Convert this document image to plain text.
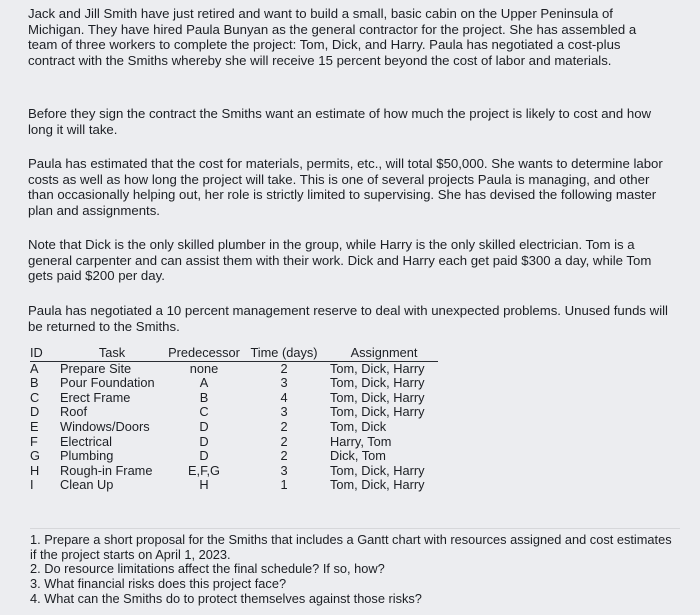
Jack and Jill Smith have just retired and want to build a small, basic cabin on the Upper Peninsula of Michigan. They have hired Paula Bunyan as the general contractor for the project. She has assembled a team of three workers to complete the project: Tom, Dick, and Harry. Paula has negotiated a cost-plus contract with the Smiths whereby she will receive 15 percent beyond the cost of labor and materials.

Before they sign the contract the Smiths want an estimate of how much the project is likely to cost and how long it will take.

Paula has estimated that the cost for materials, permits, etc., will total $50,000. She wants to determine labor costs as well as how long the project will take. This is one of several projects Paula is managing, and other than occasionally helping out, her role is strictly limited to supervising. She has devised the following master plan and assignments.

Note that Dick is the only skilled plumber in the group, while Harry is the only skilled electrician. Tom is a general carpenter and can assist them with their work. Dick and Harry each get paid $300 a day, while Tom gets paid $200 per day.

Paula has negotiated a 10 percent management reserve to deal with unexpected problems. Unused funds will be returned to the Smiths.

ID	Task	Predecessor	Time (days)	Assignment
A	Prepare Site	none	2	Tom, Dick, Harry
B	Pour Foundation	A	3	Tom, Dick, Harry
C	Erect Frame	B	4	Tom, Dick, Harry
D	Roof	C	3	Tom, Dick, Harry
E	Windows/Doors	D	2	Tom, Dick
F	Electrical	D	2	Harry, Tom
G	Plumbing	D	2	Dick, Tom
H	Rough-in Frame	E,F,G	3	Tom, Dick, Harry
I	Clean Up	H	1	Tom, Dick, Harry
1. Prepare a short proposal for the Smiths that includes a Gantt chart with resources assigned and cost estimates if the project starts on April 1, 2023.
2. Do resource limitations affect the final schedule? If so, how?
3. What financial risks does this project face?
4. What can the Smiths do to protect themselves against those risks?
